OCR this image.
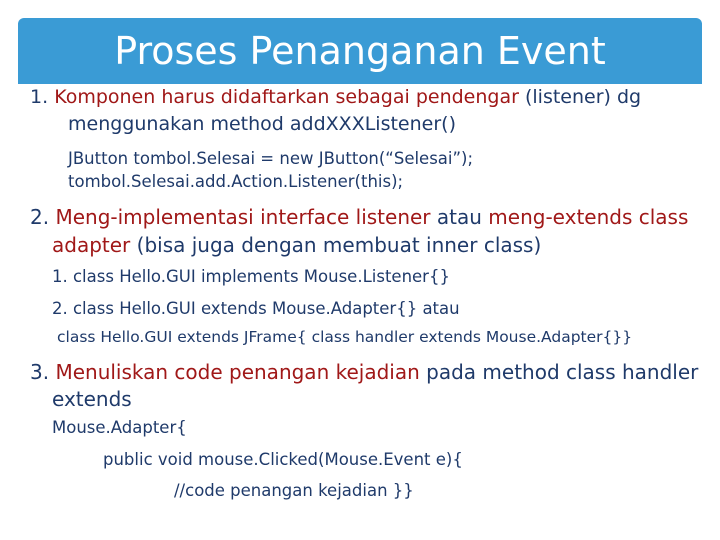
Proses Penanganan Event
1. Komponen harus didaftarkan sebagai pendengar (listener) dg
menggunakan method addXXXListener()
JButton tombol.Selesai = new JButton(“Selesai”);
tombol.Selesai.add.Action.Listener(this);
2. Meng-implementasi interface listener atau meng-extends class
adapter (bisa juga dengan membuat inner class)
1. class Hello.GUI implements Mouse.Listener{}
2. class Hello.GUI extends Mouse.Adapter{} atau
class Hello.GUI extends JFrame{ class handler extends Mouse.Adapter{}}
3. Menuliskan code penangan kejadian pada method class handler
extends
Mouse.Adapter{
public void mouse.Clicked(Mouse.Event e){
//code penangan kejadian }}
